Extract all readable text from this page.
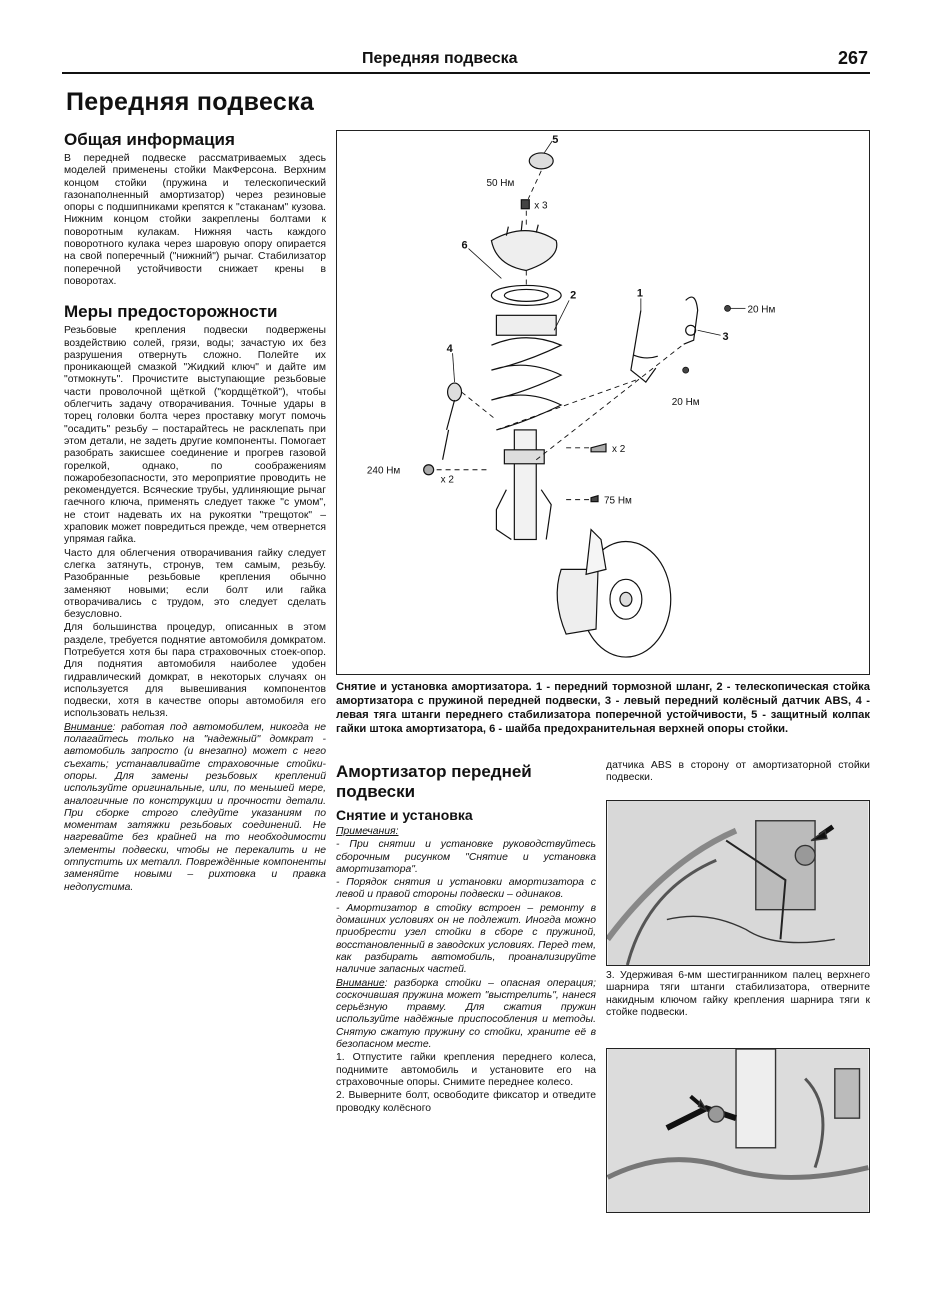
Передняя подвеска	267
Передняя подвеска
Общая информация

В передней подвеске рассматриваемых здесь моделей применены стойки МакФерсона. Верхним концом стойки (пружина и телескопический газонаполненный амортизатор) через резиновые опоры с подшипниками крепятся к "стаканам" кузова. Нижним концом стойки закреплены болтами к поворотным кулакам. Нижняя часть каждого поворотного кулака через шаровую опору опирается на свой поперечный ("нижний") рычаг. Стабилизатор поперечной устойчивости снижает крены в поворотах.

Меры предосторожности

Резьбовые крепления подвески подвержены воздействию солей, грязи, воды; зачастую их без разрушения отвернуть сложно. Полейте их проникающей смазкой "Жидкий ключ" и дайте им "отмокнуть". Прочистите выступающие резьбовые части проволочной щёткой ("кордщёткой"), чтобы облегчить задачу отворачивания. Точные удары в торец головки болта через проставку могут помочь "осадить" резьбу – постарайтесь не расклепать при этом детали, не задеть другие компоненты. Помогает разобрать закисшее соединение и прогрев газовой горелкой, однако, по соображениям пожаробезопасности, это мероприятие проводить не рекомендуется. Всяческие трубы, удлиняющие рычаг гаечного ключа, применять следует также "с умом", не стоит надевать их на рукоятки "трещоток" – храповик может повредиться прежде, чем отвернется упрямая гайка.

Часто для облегчения отворачивания гайку следует слегка затянуть, стронув, тем самым, резьбу. Разобранные резьбовые крепления обычно заменяют новыми; если болт или гайка отворачивались с трудом, это следует сделать безусловно.

Для большинства процедур, описанных в этом разделе, требуется поднятие автомобиля домкратом. Потребуется хотя бы пара страховочных стоек-опор. Для поднятия автомобиля наиболее удобен гидравлический домкрат, в некоторых случаях он используется для вывешивания компонентов подвески, хотя в качестве опоры автомобиля его использовать нельзя.

Внимание: работая под автомобилем, никогда не полагайтесь только на "надежный" домкрат - автомобиль запросто (и внезапно) может с него съехать; устанавливайте страховочные стойки-опоры. Для замены резьбовых креплений используйте оригинальные, или, по меньшей мере, аналогичные по конструкции и прочности детали. При сборке строго следуйте указаниям по моментам затяжки резьбовых соединений. Не нагревайте без крайней на то необходимости элементы подвески, чтобы не перекалить и не отпустить их металл. Повреждённые компоненты заменяйте новыми – рихтовка и правка недопустима.

5
50 Нм
x 3
6
2	1
20 Нм
3
4
20 Нм
x 2
240 Нм
x 2
75 Нм
Снятие и установка амортизатора. 1 - передний тормозной шланг, 2 - телескопическая стойка амортизатора с пружиной передней подвески, 3 - левый передний колёсный датчик ABS, 4 - левая тяга штанги переднего стабилизатора поперечной устойчивости, 5 - защитный колпак гайки штока амортизатора, 6 - шайба предохранительная верхней опоры стойки.
Амортизатор передней подвески
Снятие и установка

Примечания:

- При снятии и установке руководствуйтесь сборочным рисунком "Снятие и установка амортизатора".

- Порядок снятия и установки амортизатора с левой и правой стороны подвески – одинаков.

- Амортизатор в стойку встроен – ремонту в домашних условиях он не подлежит. Иногда можно приобрести узел стойки в сборе с пружиной, восстановленный в заводских условиях. Перед тем, как разбирать автомобиль, проанализируйте наличие запасных частей.

Внимание: разборка стойки – опасная операция; соскочившая пружина может "выстрелить", нанеся серьёзную травму. Для сжатия пружин используйте надёжные приспособления и методы. Снятую сжатую пружину со стойки, храните её в безопасном месте.

1. Отпустите гайки крепления переднего колеса, поднимите автомобиль и установите его на страховочные опоры. Снимите переднее колесо.

2. Выверните болт, освободите фиксатор и отведите проводку колёсного

датчика ABS в сторону от амортизаторной стойки подвески.

3. Удерживая 6-мм шестигранником палец верхнего шарнира тяги штанги стабилизатора, отверните накидным ключом гайку крепления шарнира тяги к стойке подвески.
